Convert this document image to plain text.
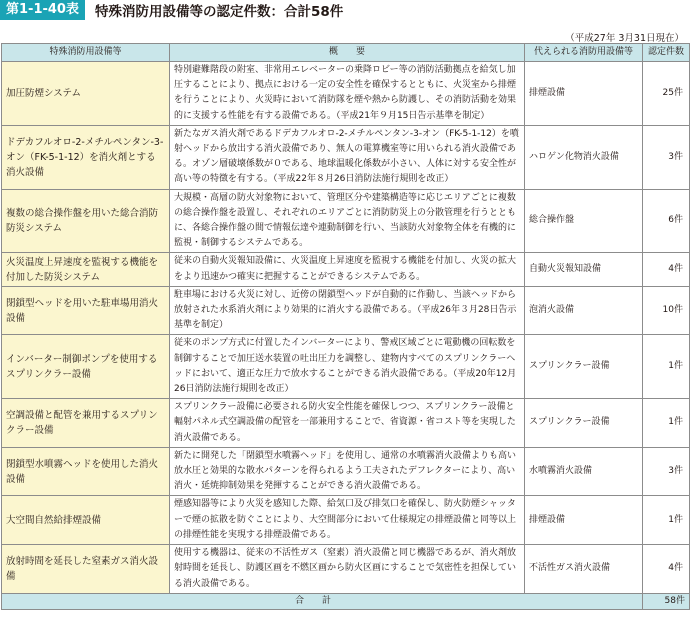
第1-1-40表	特殊消防用設備等の認定件数：合計58件
（平成27年 3月31日現在）
特殊消防用設備等	概　　要	代えられる消防用設備等	認定件数
加圧防煙システム	特別避難階段の附室、非常用エレベーターの乗降ロビー等の消防活動拠点を給気し加圧することにより、拠点における一定の安全性を確保するとともに、火災室から排煙を行うことにより、火災時において消防隊を煙や熱から防護し、その消防活動を効果的に支援する性能を有する設備である。（平成21年９月15日告示基準を制定）	排煙設備	25件
ドデカフルオロ-2-メチルペンタン-3-オン（FK-5-1-12）を消火剤とする消火設備	新たなガス消火剤であるドデカフルオロ-2-メチルペンタン-3-オン（FK-5-1-12）を噴射ヘッドから放出する消火設備であり、無人の電算機室等に用いられる消火設備である。オゾン層破壊係数が０である、地球温暖化係数が小さい、人体に対する安全性が高い等の特徴を有する。（平成22年８月26日消防法施行規則を改正）	ハロゲン化物消火設備	3件
複数の総合操作盤を用いた総合消防防災システム	大規模・高層の防火対象物において、管理区分や建築構造等に応じエリアごとに複数の総合操作盤を設置し、それぞれのエリアごとに消防防災上の分散管理を行うとともに、各総合操作盤の間で情報伝達や連動制御を行い、当該防火対象物全体を有機的に監視・制御するシステムである。	総合操作盤	6件
火災温度上昇速度を監視する機能を付加した防災システム	従来の自動火災報知設備に、火災温度上昇速度を監視する機能を付加し、火災の拡大をより迅速かつ確実に把握することができるシステムである。	自動火災報知設備	4件
閉鎖型ヘッドを用いた駐車場用消火設備	駐車場における火災に対し、近傍の閉鎖型ヘッドが自動的に作動し、当該ヘッドから放射された水系消火剤により効果的に消火する設備である。（平成26年３月28日告示基準を制定）	泡消火設備	10件
インバーター制御ポンプを使用するスプリンクラー設備	従来のポンプ方式に付置したインバーターにより、警戒区域ごとに電動機の回転数を制御することで加圧送水装置の吐出圧力を調整し、建物内すべてのスプリンクラーヘッドにおいて、適正な圧力で放水することができる消火設備である。（平成20年12月26日消防法施行規則を改正）	スプリンクラー設備	1件
空調設備と配管を兼用するスプリンクラー設備	スプリンクラー設備に必要される防火安全性能を確保しつつ、スプリンクラー設備と輻射パネル式空調設備の配管を一部兼用することで、省資源・省コスト等を実現した消火設備である。	スプリンクラー設備	1件
閉鎖型水噴霧ヘッドを使用した消火設備	新たに開発した「閉鎖型水噴霧ヘッド」を使用し、通常の水噴霧消火設備よりも高い放水圧と効果的な散水パターンを得られるよう工夫されたデフレクターにより、高い消火・延焼抑制効果を発揮することができる消火設備である。	水噴霧消火設備	3件
大空間自然給排煙設備	煙感知器等により火災を感知した際、給気口及び排気口を確保し、防火防煙シャッターで煙の拡散を防ぐことにより、大空間部分において仕様規定の排煙設備と同等以上の排煙性能を実現する排煙設備である。	排煙設備	1件
放射時間を延長した窒素ガス消火設備	使用する機器は、従来の不活性ガス（窒素）消火設備と同じ機器であるが、消火剤放射時間を延長し、防護区画を不燃区画から防火区画にすることで気密性を担保している消火設備である。	不活性ガス消火設備	4件
合計			58件
